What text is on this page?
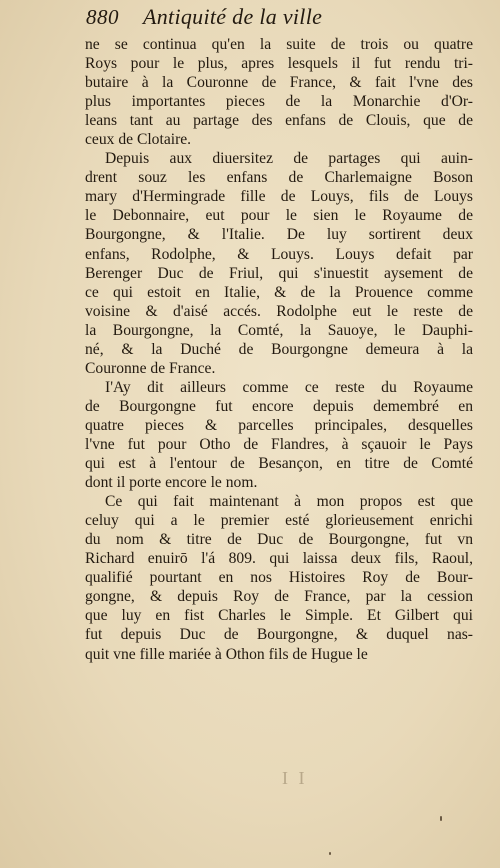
880 Antiquité de la ville
ne se continua qu'en la suite de trois ou quatre
Roys pour le plus, apres lesquels il fut rendu tri-
butaire à la Couronne de France, & fait l'vne des
plus importantes pieces de la Monarchie d'Or-
leans tant au partage des enfans de Clouis, que de
ceux de Clotaire.
Depuis aux diuersitez de partages qui auin-
drent souz les enfans de Charlemaigne Boson
mary d'Hermingrade fille de Louys, fils de Louys
le Debonnaire, eut pour le sien le Royaume de
Bourgongne, & l'Italie. De luy sortirent deux
enfans, Rodolphe, & Louys. Louys defait par
Berenger Duc de Friul, qui s'inuestit aysement de
ce qui estoit en Italie, & de la Prouence comme
voisine & d'aisé accés. Rodolphe eut le reste de
la Bourgongne, la Comté, la Sauoye, le Dauphi-
né, & la Duché de Bourgongne demeura à la
Couronne de France.
I'Ay dit ailleurs comme ce reste du Royaume
de Bourgongne fut encore depuis demembré en
quatre pieces & parcelles principales, desquelles
l'vne fut pour Otho de Flandres, à sçauoir le Pays
qui est à l'entour de Besançon, en titre de Comté
dont il porte encore le nom.
Ce qui fait maintenant à mon propos est que
celuy qui a le premier esté glorieusement enrichi
du nom & titre de Duc de Bourgongne, fut vn
Richard enuirō l'á 809. qui laissa deux fils, Raoul,
qualifié pourtant en nos Histoires Roy de Bour-
gongne, & depuis Roy de France, par la cession
que luy en fist Charles le Simple. Et Gilbert qui
fut depuis Duc de Bourgongne, & duquel nas-
quit vne fille mariée à Othon fils de Hugue le
I I
